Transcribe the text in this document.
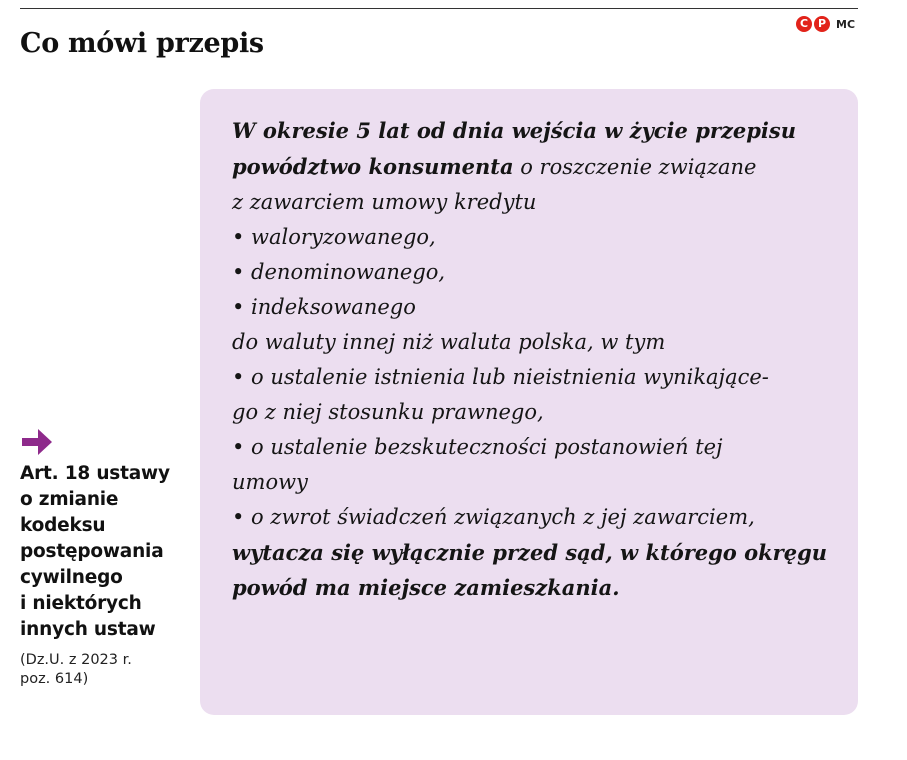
Co mówi przepis
C P MC
Art. 18 ustawy
o zmianie
kodeksu
postępowania
cywilnego
i niektórych
innych ustaw
(Dz.U. z 2023 r.
poz. 614)

W okresie 5 lat od dnia wejścia w życie przepisu
powództwo konsumenta o roszczenie związane
z zawarciem umowy kredytu

• waloryzowanego,

• denominowanego,

• indeksowanego

do waluty innej niż waluta polska, w tym

• o ustalenie istnienia lub nieistnienia wynikające-
go z niej stosunku prawnego,

• o ustalenie bezskuteczności postanowień tej
umowy

• o zwrot świadczeń związanych z jej zawarciem,

wytacza się wyłącznie przed sąd, w którego okręgu
powód ma miejsce zamieszkania.
